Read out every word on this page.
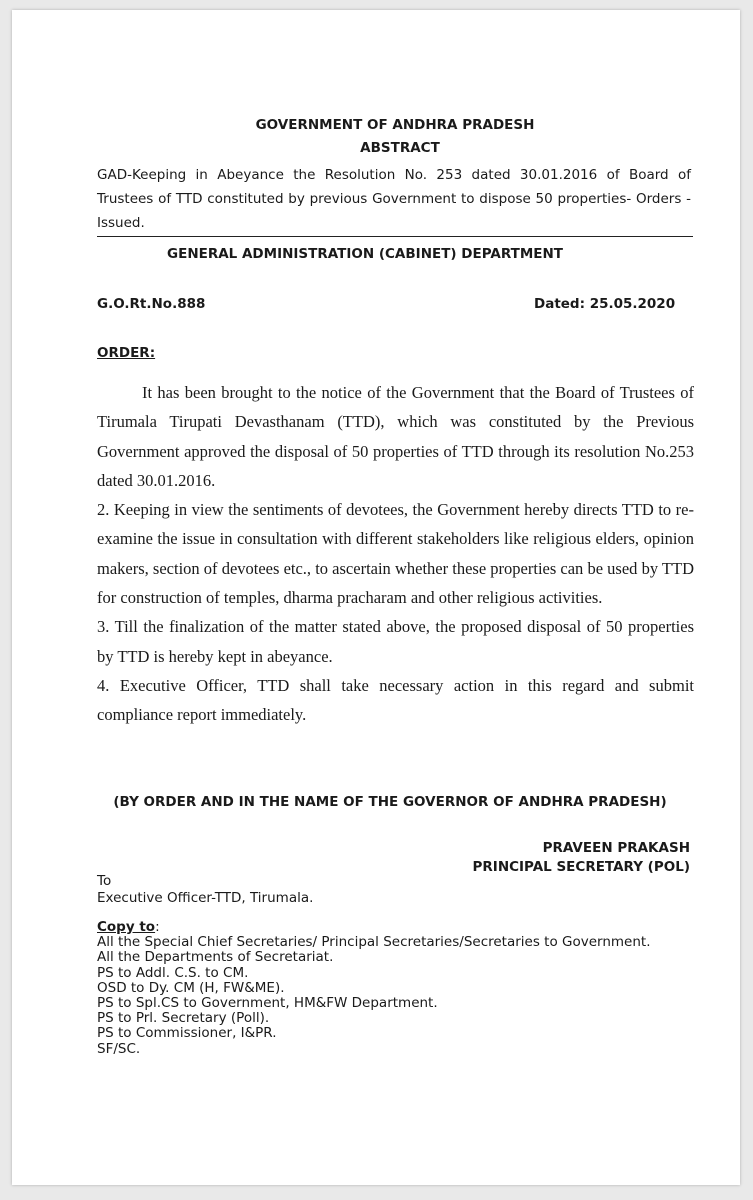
GOVERNMENT OF ANDHRA PRADESH
ABSTRACT
GAD-Keeping in Abeyance the Resolution No. 253 dated 30.01.2016 of Board of Trustees of TTD constituted by previous Government to dispose 50 properties- Orders - Issued.
GENERAL ADMINISTRATION (CABINET) DEPARTMENT
G.O.Rt.No.888	Dated: 25.05.2020
ORDER:

It has been brought to the notice of the Government that the Board of Trustees of Tirumala Tirupati Devasthanam (TTD), which was constituted by the Previous Government approved the disposal of 50 properties of TTD through its resolution No.253 dated 30.01.2016.

2. Keeping in view the sentiments of devotees, the Government hereby directs TTD to re-examine the issue in consultation with different stakeholders like religious elders, opinion makers, section of devotees etc., to ascertain whether these properties can be used by TTD for construction of temples, dharma pracharam and other religious activities.

3. Till the finalization of the matter stated above, the proposed disposal of 50 properties by TTD is hereby kept in abeyance.

4. Executive Officer, TTD shall take necessary action in this regard and submit compliance report immediately.

(BY ORDER AND IN THE NAME OF THE GOVERNOR OF ANDHRA PRADESH)
PRAVEEN PRAKASH
PRINCIPAL SECRETARY (POL)
To
Executive Officer-TTD, Tirumala.
Copy to:
All the Special Chief Secretaries/ Principal Secretaries/Secretaries to Government.
All the Departments of Secretariat.
PS to Addl. C.S. to CM.
OSD to Dy. CM (H, FW&ME).
PS to Spl.CS to Government, HM&FW Department.
PS to Prl. Secretary (Poll).
PS to Commissioner, I&PR.
SF/SC.
